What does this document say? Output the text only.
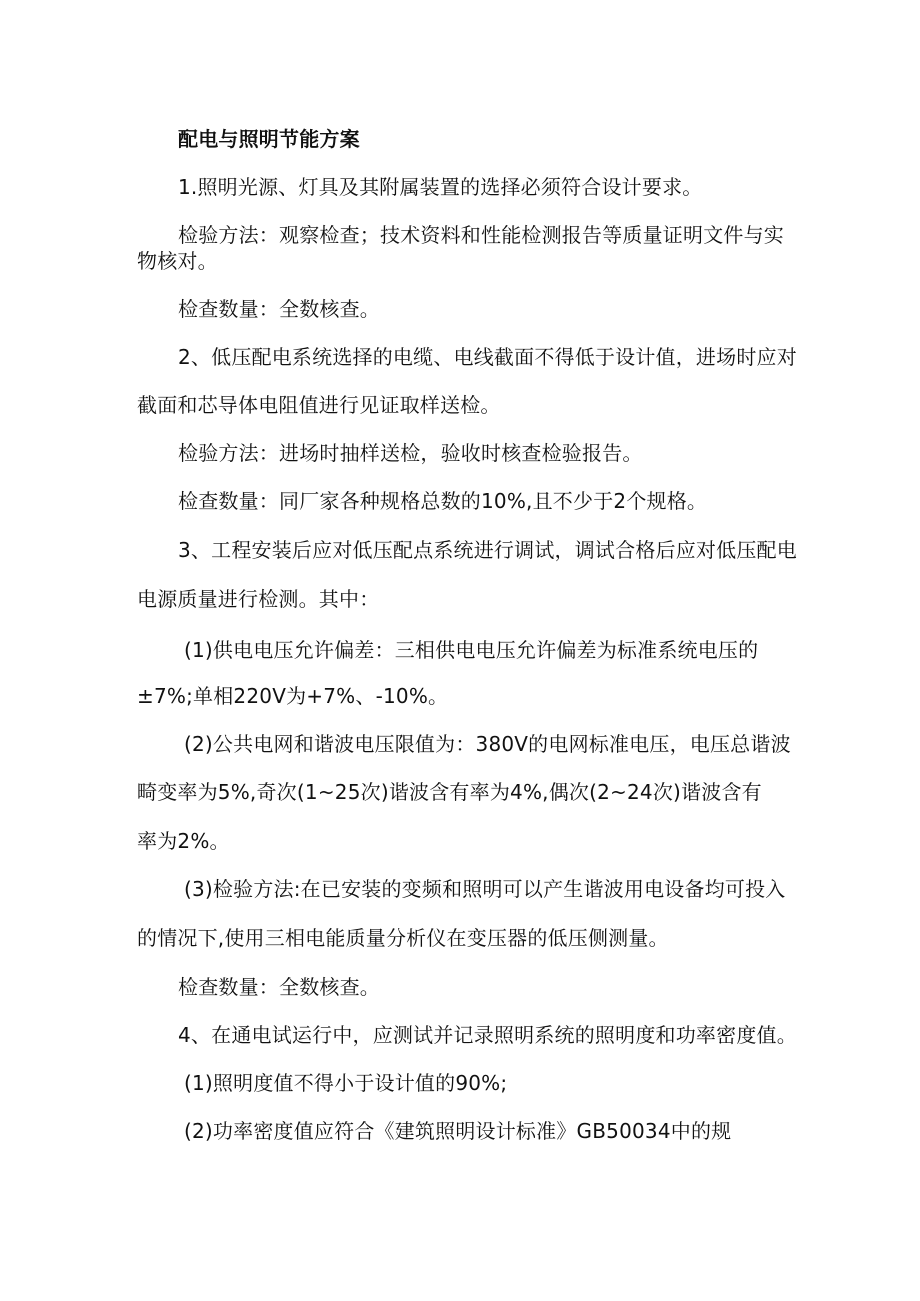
配电与照明节能方案
1.照明光源、灯具及其附属装置的选择必须符合设计要求。
检验方法：观察检查；技术资料和性能检测报告等质量证明文件与实
物核对。
检查数量：全数核查。
2、低压配电系统选择的电缆、电线截面不得低于设计值，进场时应对
截面和芯导体电阻值进行见证取样送检。
检验方法：进场时抽样送检，验收时核查检验报告。
检查数量：同厂家各种规格总数的10%,且不少于2个规格。
3、工程安装后应对低压配点系统进行调试，调试合格后应对低压配电
电源质量进行检测。其中：
(1)供电电压允许偏差：三相供电电压允许偏差为标准系统电压的
±7%;单相220V为+7%、-10%。
(2)公共电网和谐波电压限值为：380V的电网标准电压，电压总谐波
畸变率为5%,奇次(1~25次)谐波含有率为4%,偶次(2~24次)谐波含有
率为2%。
(3)检验方法:在已安装的变频和照明可以产生谐波用电设备均可投入
的情况下,使用三相电能质量分析仪在变压器的低压侧测量。
检查数量：全数核查。
4、在通电试运行中，应测试并记录照明系统的照明度和功率密度值。
(1)照明度值不得小于设计值的90%;
(2)功率密度值应符合《建筑照明设计标准》GB50034中的规
